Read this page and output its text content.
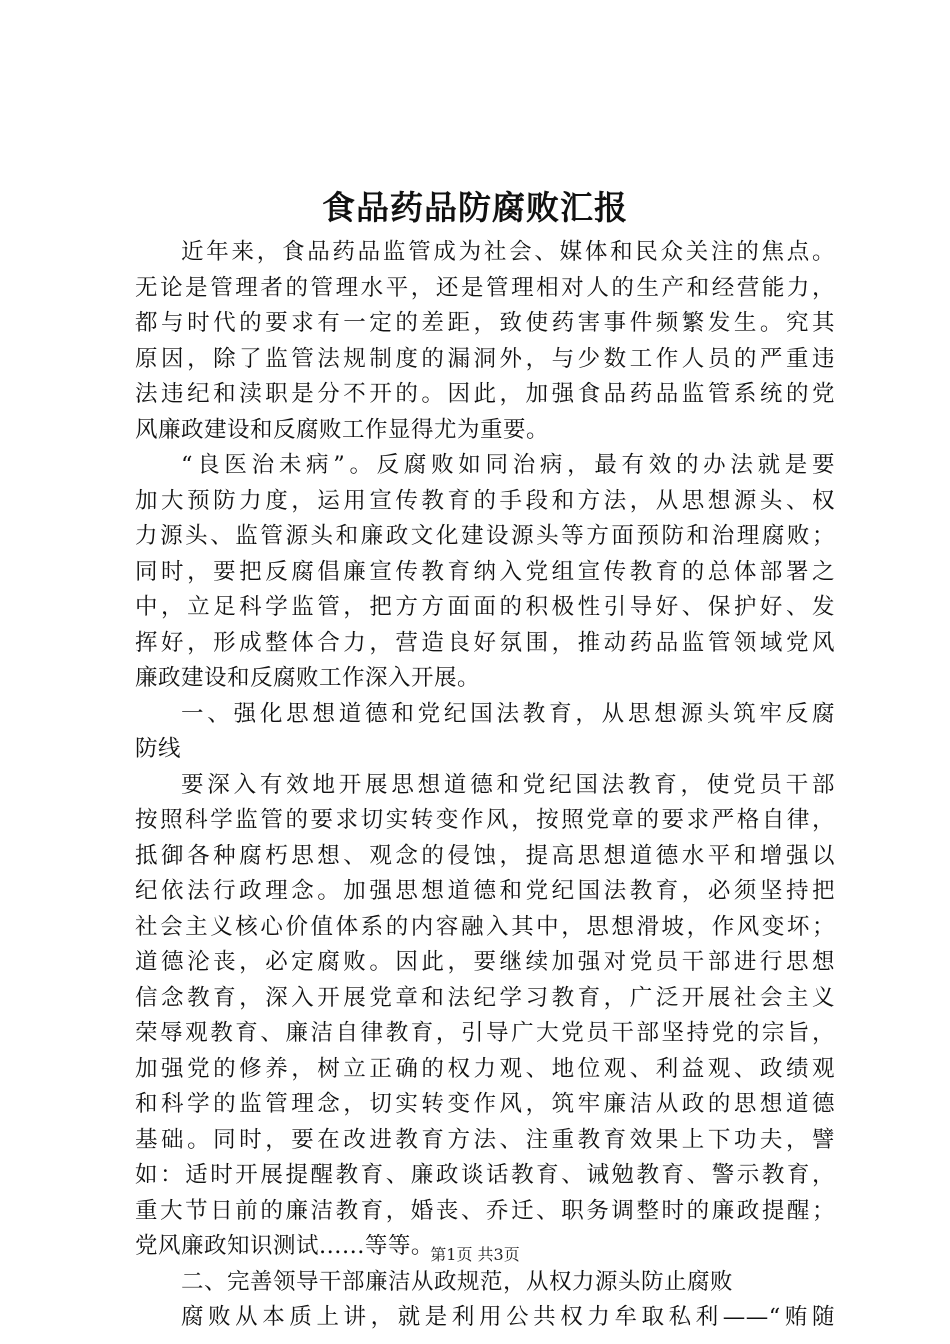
食品药品防腐败汇报
近年来，食品药品监管成为社会、媒体和民众关注的焦点。
无论是管理者的管理水平，还是管理相对人的生产和经营能力，
都与时代的要求有一定的差距，致使药害事件频繁发生。究其
原因，除了监管法规制度的漏洞外，与少数工作人员的严重违
法违纪和渎职是分不开的。因此，加强食品药品监管系统的党
风廉政建设和反腐败工作显得尤为重要。
“良医治未病”。反腐败如同治病，最有效的办法就是要
加大预防力度，运用宣传教育的手段和方法，从思想源头、权
力源头、监管源头和廉政文化建设源头等方面预防和治理腐败；
同时，要把反腐倡廉宣传教育纳入党组宣传教育的总体部署之
中，立足科学监管，把方方面面的积极性引导好、保护好、发
挥好，形成整体合力，营造良好氛围，推动药品监管领域党风
廉政建设和反腐败工作深入开展。
一、强化思想道德和党纪国法教育，从思想源头筑牢反腐
防线
要深入有效地开展思想道德和党纪国法教育，使党员干部
按照科学监管的要求切实转变作风，按照党章的要求严格自律，
抵御各种腐朽思想、观念的侵蚀，提高思想道德水平和增强以
纪依法行政理念。加强思想道德和党纪国法教育，必须坚持把
社会主义核心价值体系的内容融入其中，思想滑坡，作风变坏；
道德沦丧，必定腐败。因此，要继续加强对党员干部进行思想
信念教育，深入开展党章和法纪学习教育，广泛开展社会主义
荣辱观教育、廉洁自律教育，引导广大党员干部坚持党的宗旨，
加强党的修养，树立正确的权力观、地位观、利益观、政绩观
和科学的监管理念，切实转变作风，筑牢廉洁从政的思想道德
基础。同时，要在改进教育方法、注重教育效果上下功夫，譬
如：适时开展提醒教育、廉政谈话教育、诫勉教育、警示教育，
重大节日前的廉洁教育，婚丧、乔迁、职务调整时的廉政提醒；
党风廉政知识测试......等等。
二、完善领导干部廉洁从政规范，从权力源头防止腐败
腐败从本质上讲，就是利用公共权力牟取私利——“贿随
第1页 共3页
